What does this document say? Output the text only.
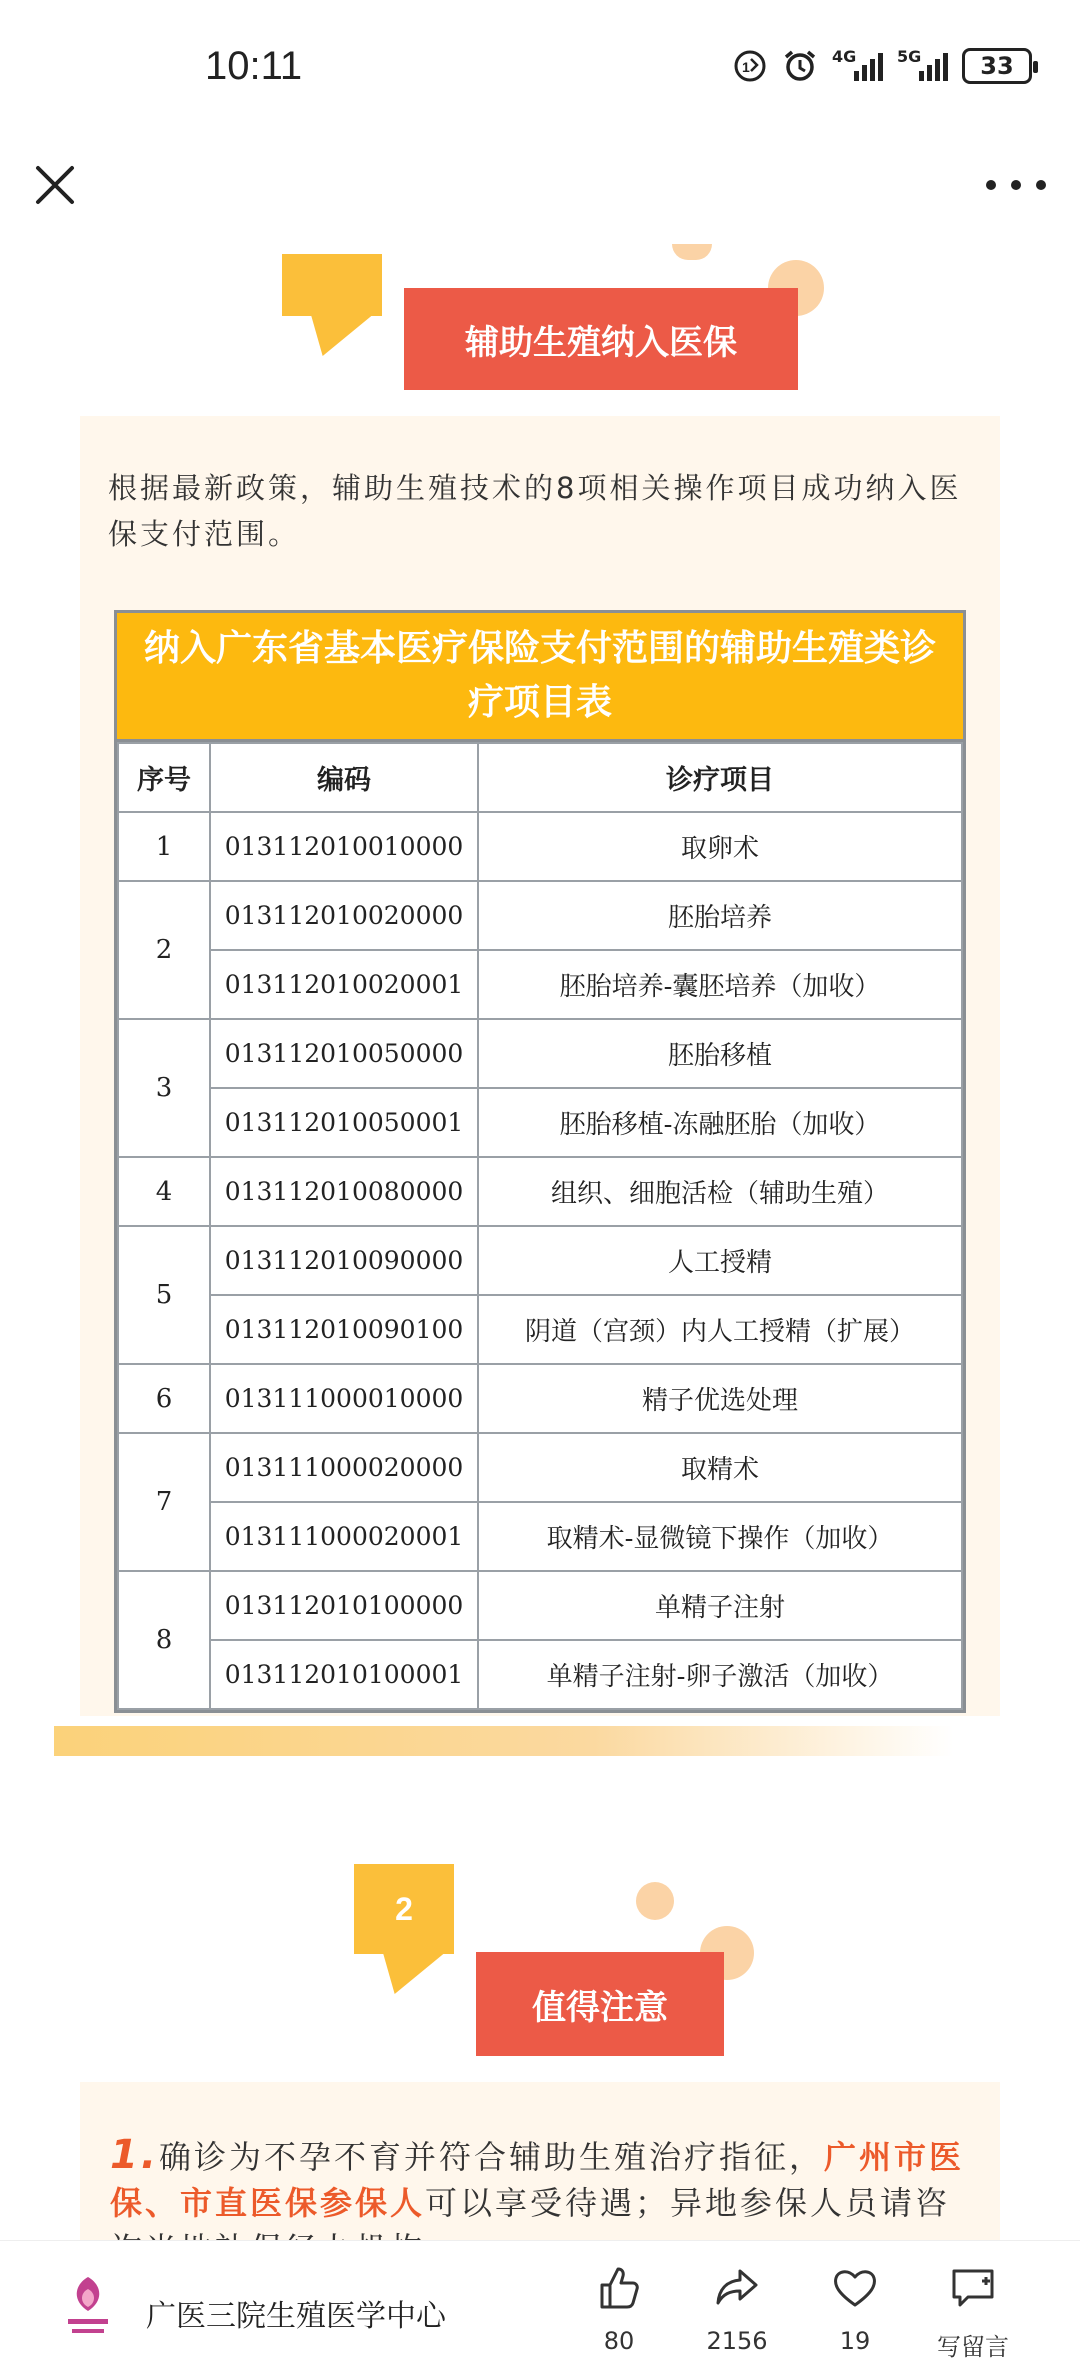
10:11	1
4G	5G 33
辅助生殖纳入医保
根据最新政策，辅助生殖技术的8项相关操作项目成功纳入医保支付范围。
纳入广东省基本医疗保险支付范围的辅助生殖类诊疗项目表
序号	编码	诊疗项目
1	013112010010000	取卵术
2	013112010020000	胚胎培养
	013112010020001	胚胎培养-囊胚培养（加收）
3	013112010050000	胚胎移植
	013112010050001	胚胎移植-冻融胚胎（加收）
4	013112010080000	组织、细胞活检（辅助生殖）
5	013112010090000	人工授精
	013112010090100	阴道（宫颈）内人工授精（扩展）
6	013111000010000	精子优选处理
7	013111000020000	取精术
	013111000020001	取精术-显微镜下操作（加收）
8	013112010100000	单精子注射
	013112010100001	单精子注射-卵子激活（加收）
2
值得注意
1.确诊为不孕不育并符合辅助生殖治疗指征，广州市医保、市直医保参保人可以享受待遇；异地参保人员请咨
广医三院生殖医学中心
80	2156	19	写留言
